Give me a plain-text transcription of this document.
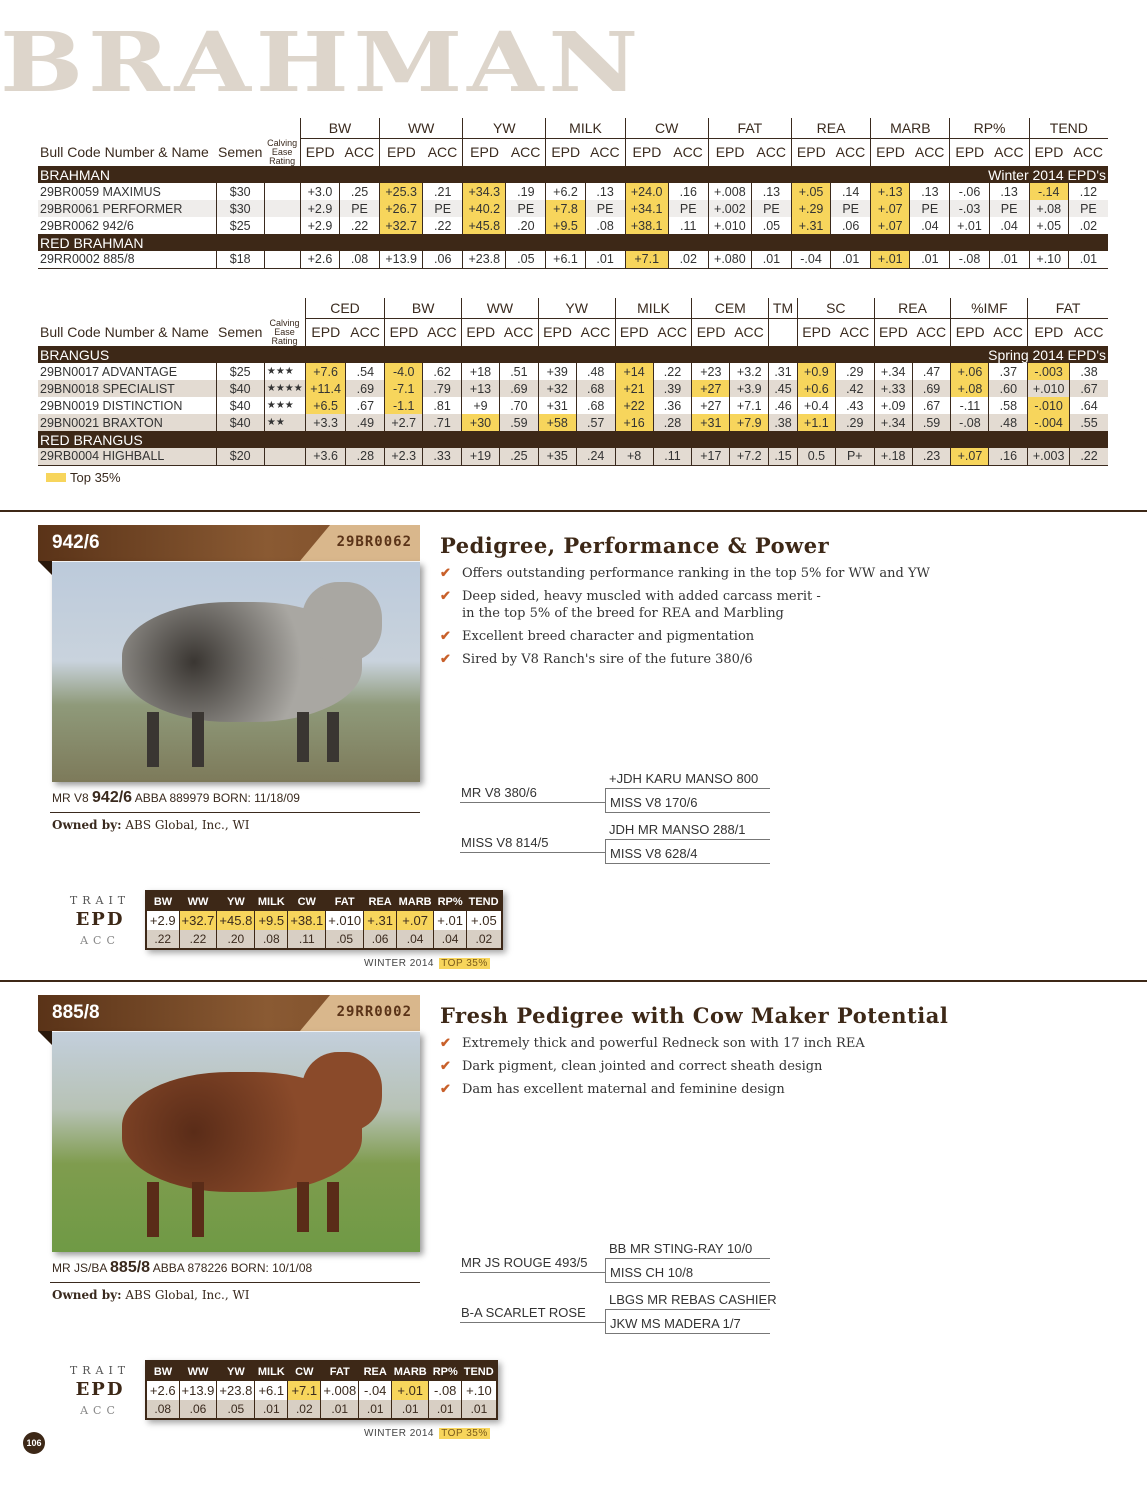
BRAHMAN
			BW		WW		YW		MILK		CW		FAT		REA		MARB		RP%		TEND	
Bull Code Number & Name	Semen	Calving Ease Rating	EPD	ACC	EPD	ACC	EPD	ACC	EPD	ACC	EPD	ACC	EPD	ACC	EPD	ACC	EPD	ACC	EPD	ACC	EPD	ACC
BRAHMAN								Winter 2014 EPD's														
29BR0059 MAXIMUS	$30		+3.0	.25	+25.3	.21	+34.3	.19	+6.2	.13	+24.0	.16	+.008	.13	+.05	.14	+.13	.13	-.06	.13	-.14	.12
29BR0061 PERFORMER	$30		+2.9	PE	+26.7	PE	+40.2	PE	+7.8	PE	+34.1	PE	+.002	PE	+.29	PE	+.07	PE	-.03	PE	+.08	PE
29BR0062 942/6	$25		+2.9	.22	+32.7	.22	+45.8	.20	+9.5	.08	+38.1	.11	+.010	.05	+.31	.06	+.07	.04	+.01	.04	+.05	.02
RED BRAHMAN																						
29RR0002 885/8	$18		+2.6	.08	+13.9	.06	+23.8	.05	+6.1	.01	+7.1	.02	+.080	.01	-.04	.01	+.01	.01	-.08	.01	+.10	.01
			CED		BW		WW		YW		MILK		CEM		TM	SC		REA		%IMF		FAT	
Bull Code Number & Name	Semen	Calving Ease Rating	EPD	ACC	EPD	ACC	EPD	ACC	EPD	ACC	EPD	ACC	EPD	ACC		EPD	ACC	EPD	ACC	EPD	ACC	EPD	ACC
BRANGUS								Spring 2014 EPD's															
29BN0017 ADVANTAGE	$25	★★★	+7.6	.54	-4.0	.62	+18	.51	+39	.48	+14	.22	+23	+3.2	.31	+0.9	.29	+.34	.47	+.06	.37	-.003	.38
29BN0018 SPECIALIST	$40	★★★★	+11.4	.69	-7.1	.79	+13	.69	+32	.68	+21	.39	+27	+3.9	.45	+0.6	.42	+.33	.69	+.08	.60	+.010	.67
29BN0019 DISTINCTION	$40	★★★	+6.5	.67	-1.1	.81	+9	.70	+31	.68	+22	.36	+27	+7.1	.46	+0.4	.43	+.09	.67	-.11	.58	-.010	.64
29BN0021 BRAXTON	$40	★★	+3.3	.49	+2.7	.71	+30	.59	+58	.57	+16	.28	+31	+7.9	.38	+1.1	.29	+.34	.59	-.08	.48	-.004	.55
RED BRANGUS																							
29RB0004 HIGHBALL	$20		+3.6	.28	+2.3	.33	+19	.25	+35	.24	+8	.11	+17	+7.2	.15	0.5	P+	+.18	.23	+.07	.16	+.003	.22
Top 35%
942/6	29BR0062
MR V8 942/6 ABBA 889979 BORN: 11/18/09
Owned by: ABS Global, Inc., WI
Pedigree, Performance & Power
✔ Offers outstanding performance ranking in the top 5% for WW and YW
✔ Deep sided, heavy muscled with added carcass merit -
in the top 5% of the breed for REA and Marbling
✔ Excellent breed character and pigmentation
✔ Sired by V8 Ranch's sire of the future 380/6
MR V8 380/6
+JDH KARU MANSO 800
MISS V8 170/6
MISS V8 814/5
JDH MR MANSO 288/1
MISS V8 628/4
TRAIT
EPD
ACC
BW	WW	YW	MILK	CW	FAT	REA	MARB	RP%	TEND
+2.9	+32.7	+45.8	+9.5	+38.1	+.010	+.31	+.07	+.01	+.05
.22	.22	.20	.08	.11	.05	.06	.04	.04	.02
WINTER 2014 TOP 35%
885/8	29RR0002
MR JS/BA 885/8 ABBA 878226 BORN: 10/1/08
Owned by: ABS Global, Inc., WI
Fresh Pedigree with Cow Maker Potential
✔ Extremely thick and powerful Redneck son with 17 inch REA
✔ Dark pigment, clean jointed and correct sheath design
✔ Dam has excellent maternal and feminine design
MR JS ROUGE 493/5
BB MR STING-RAY 10/0
MISS CH 10/8
B-A SCARLET ROSE
LBGS MR REBAS CASHIER
JKW MS MADERA 1/7
TRAIT
EPD
ACC
BW	WW	YW	MILK	CW	FAT	REA	MARB	RP%	TEND
+2.6	+13.9	+23.8	+6.1	+7.1	+.008	-.04	+.01	-.08	+.10
.08	.06	.05	.01	.02	.01	.01	.01	.01	.01
WINTER 2014 TOP 35%
106
